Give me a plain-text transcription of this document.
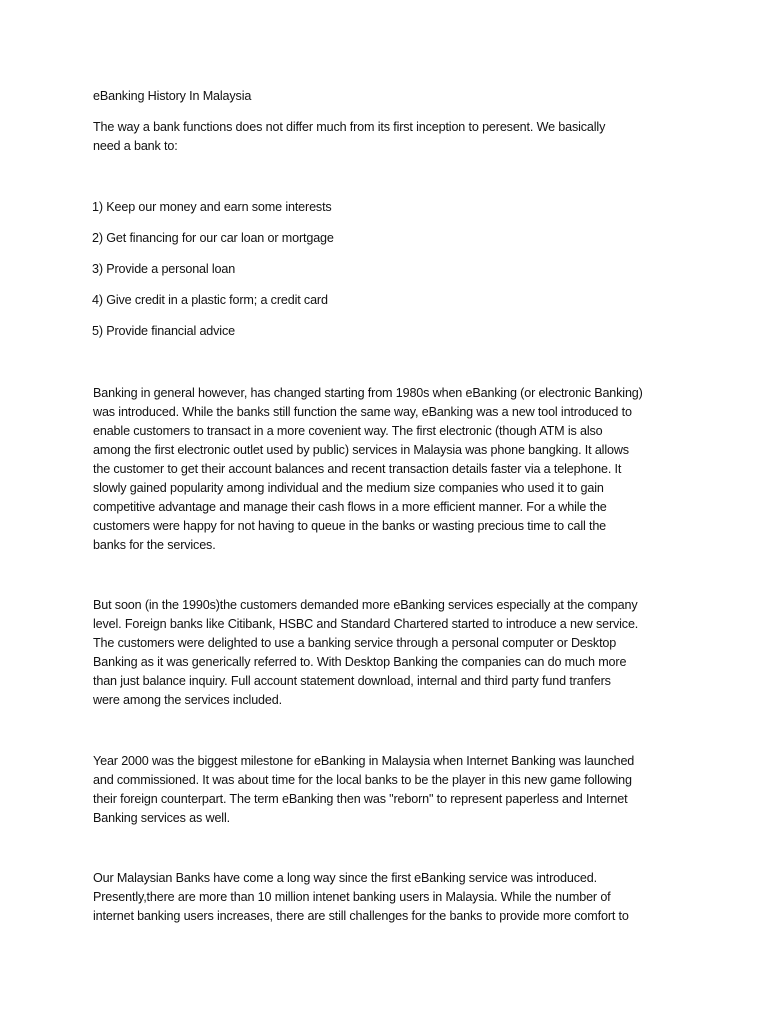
eBanking History In Malaysia
The way a bank functions does not differ much from its first inception to peresent. We basically
need a bank to:
1) Keep our money and earn some interests
2) Get financing for our car loan or mortgage
3) Provide a personal loan
4) Give credit in a plastic form; a credit card
5) Provide financial advice
Banking in general however, has changed starting from 1980s when eBanking (or electronic Banking)
was introduced. While the banks still function the same way, eBanking was a new tool introduced to
enable customers to transact in a more covenient way. The first electronic (though ATM is also
among the first electronic outlet used by public) services in Malaysia was phone bangking. It allows
the customer to get their account balances and recent transaction details faster via a telephone. It
slowly gained popularity among individual and the medium size companies who used it to gain
competitive advantage and manage their cash flows in a more efficient manner. For a while the
customers were happy for not having to queue in the banks or wasting precious time to call the
banks for the services.
But soon (in the 1990s)the customers demanded more eBanking services especially at the company
level. Foreign banks like Citibank, HSBC and Standard Chartered started to introduce a new service.
The customers were delighted to use a banking service through a personal computer or Desktop
Banking as it was generically referred to. With Desktop Banking the companies can do much more
than just balance inquiry. Full account statement download, internal and third party fund tranfers
were among the services included.
Year 2000 was the biggest milestone for eBanking in Malaysia when Internet Banking was launched
and commissioned. It was about time for the local banks to be the player in this new game following
their foreign counterpart. The term eBanking then was "reborn" to represent paperless and Internet
Banking services as well.
Our Malaysian Banks have come a long way since the first eBanking service was introduced.
Presently,there are more than 10 million intenet banking users in Malaysia. While the number of
internet banking users increases, there are still challenges for the banks to provide more comfort to
